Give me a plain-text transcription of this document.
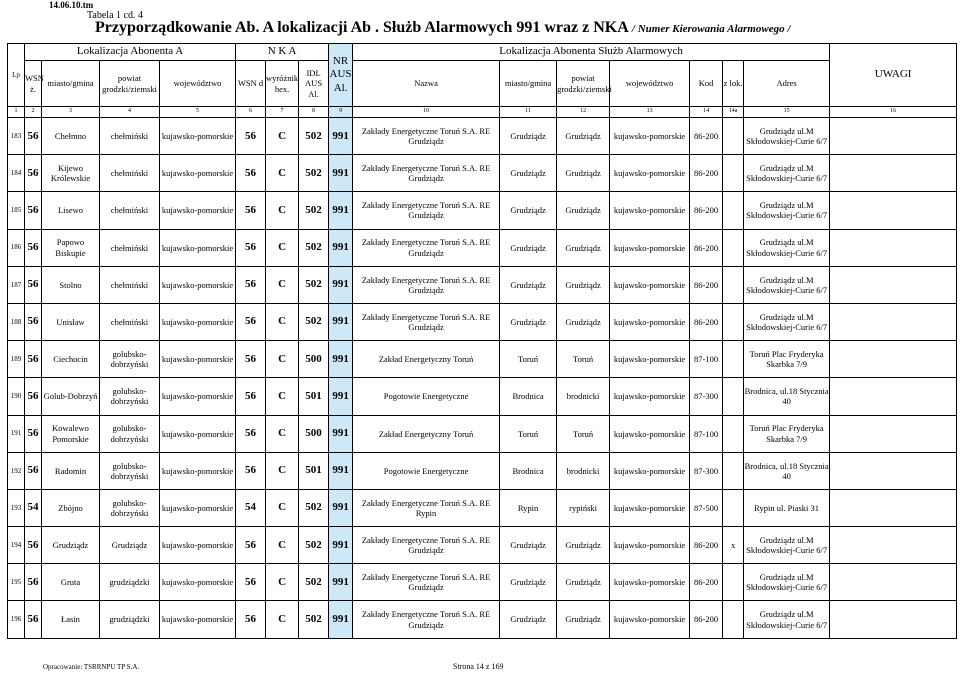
14.06.10.tm
Tabela 1 cd. 4
Przyporządkowanie Ab. A lokalizacji Ab . Służb Alarmowych 991 wraz z NKA / Numer Kierowania Alarmowego /
Lp	Lokalizacja Abonenta A				N K A			NR AUS Al.	Lokalizacja Abonenta Służb Alarmowych							UWAGI
	WSN ż.	miasto/gmina	powiat grodzki/ziemski	województwo	WSN d	wyróżnik hex.	IDL AUS Al.		Nazwa	miasto/gmina	powiat grodzki/ziemski	województwo	Kod	z lok.	Adres	
1	2	3	4	5	6	7	8	9	10	11	12	13	14	14a	15	16
183	56	Chełmno	chełmiński	kujawsko-pomorskie	56	C	502	991	Zakłady Energetyczne Toruń S.A. RE Grudziądz	Grudziądz	Grudziądz	kujawsko-pomorskie	86-200		Grudziądz ul.M Skłodowskiej-Curie 6/7	
184	56	Kijewo Królewskie	chełmiński	kujawsko-pomorskie	56	C	502	991	Zakłady Energetyczne Toruń S.A. RE Grudziądz	Grudziądz	Grudziądz	kujawsko-pomorskie	86-200		Grudziądz ul.M Skłodowskiej-Curie 6/7	
185	56	Lisewo	chełmiński	kujawsko-pomorskie	56	C	502	991	Zakłady Energetyczne Toruń S.A. RE Grudziądz	Grudziądz	Grudziądz	kujawsko-pomorskie	86-200		Grudziądz ul.M Skłodowskiej-Curie 6/7	
186	56	Papowo Biskupie	chełmiński	kujawsko-pomorskie	56	C	502	991	Zakłady Energetyczne Toruń S.A. RE Grudziądz	Grudziądz	Grudziądz	kujawsko-pomorskie	86-200		Grudziądz ul.M Skłodowskiej-Curie 6/7	
187	56	Stolno	chełmiński	kujawsko-pomorskie	56	C	502	991	Zakłady Energetyczne Toruń S.A. RE Grudziądz	Grudziądz	Grudziądz	kujawsko-pomorskie	86-200		Grudziądz ul.M Skłodowskiej-Curie 6/7	
188	56	Unisław	chełmiński	kujawsko-pomorskie	56	C	502	991	Zakłady Energetyczne Toruń S.A. RE Grudziądz	Grudziądz	Grudziądz	kujawsko-pomorskie	86-200		Grudziądz ul.M Skłodowskiej-Curie 6/7	
189	56	Ciechocin	golubsko-dobrzyński	kujawsko-pomorskie	56	C	500	991	Zakład Energetyczny Toruń	Toruń	Toruń	kujawsko-pomorskie	87-100		Toruń Plac Fryderyka Skarbka 7/9	
190	56	Golub-Dobrzyń	golubsko-dobrzyński	kujawsko-pomorskie	56	C	501	991	Pogotowie Energetyczne	Brodnica	brodnicki	kujawsko-pomorskie	87-300		Brodnica, ul.18 Stycznia 40	
191	56	Kowalewo Pomorskie	golubsko-dobrzyński	kujawsko-pomorskie	56	C	500	991	Zakład Energetyczny Toruń	Toruń	Toruń	kujawsko-pomorskie	87-100		Toruń Plac Fryderyka Skarbka 7/9	
192	56	Radomin	golubsko-dobrzyński	kujawsko-pomorskie	56	C	501	991	Pogotowie Energetyczne	Brodnica	brodnicki	kujawsko-pomorskie	87-300		Brodnica, ul.18 Stycznia 40	
193	54	Zbójno	golubsko-dobrzyński	kujawsko-pomorskie	54	C	502	991	Zakłady Energetyczne Toruń S.A. RE Rypin	Rypin	rypiński	kujawsko-pomorskie	87-500		Rypin ul. Piaski 31	
194	56	Grudziądz	Grudziądz	kujawsko-pomorskie	56	C	502	991	Zakłady Energetyczne Toruń S.A. RE Grudziądz	Grudziądz	Grudziądz	kujawsko-pomorskie	86-200	x	Grudziądz ul.M Skłodowskiej-Curie 6/7	
195	56	Gruta	grudziądzki	kujawsko-pomorskie	56	C	502	991	Zakłady Energetyczne Toruń S.A. RE Grudziądz	Grudziądz	Grudziądz	kujawsko-pomorskie	86-200		Grudziądz ul.M Skłodowskiej-Curie 6/7	
196	56	Łasin	grudziądzki	kujawsko-pomorskie	56	C	502	991	Zakłady Energetyczne Toruń S.A. RE Grudziądz	Grudziądz	Grudziądz	kujawsko-pomorskie	86-200		Grudziądz ul.M Skłodowskiej-Curie 6/7	
Opracowanie: TSRRNPU TP S.A.	Strona 14 z 169
